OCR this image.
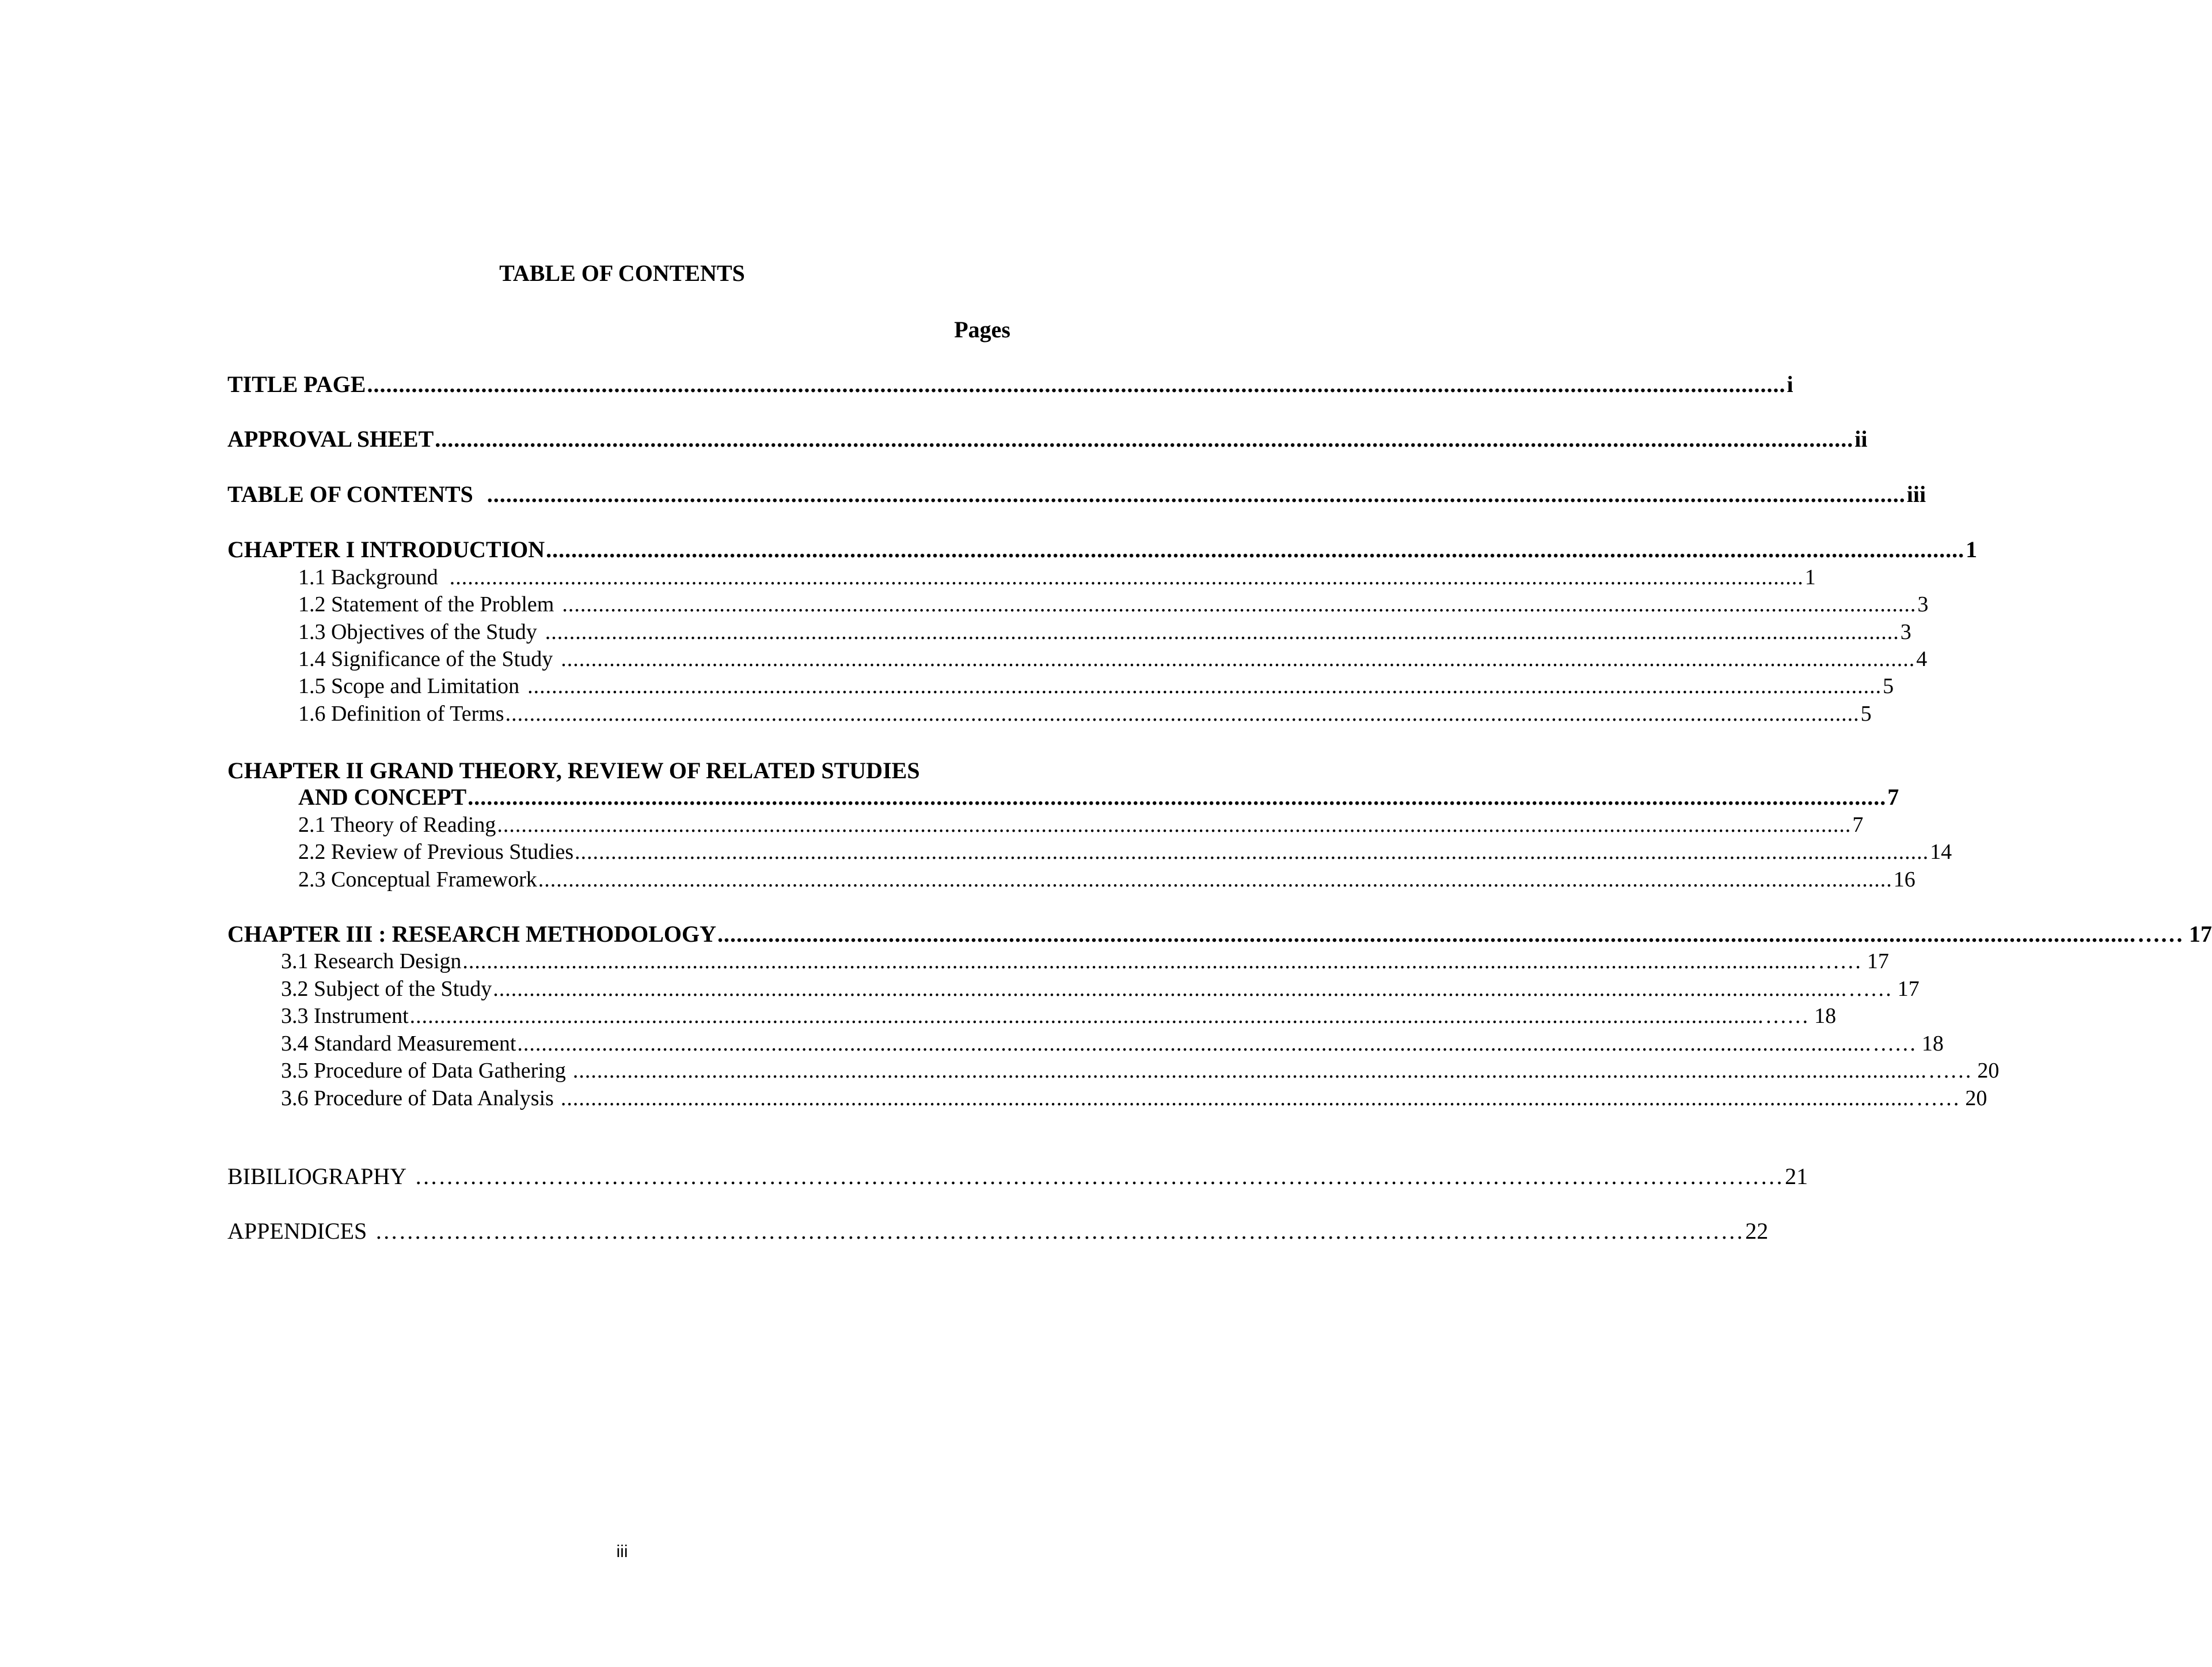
TABLE OF CONTENTS
Pages
TITLE PAGE ................................................................................................................................................................................................................................ i
APPROVAL SHEET ................................................................................................................................................................................................................................ ii
TABLE OF CONTENTS ................................................................................................................................................................................................................................ iii
CHAPTER I INTRODUCTION ................................................................................................................................................................................................................................ 1
1.1 Background ................................................................................................................................................................................................................................ 1
1.2 Statement of the Problem ................................................................................................................................................................................................................................ 3
1.3 Objectives of the Study ................................................................................................................................................................................................................................ 3
1.4 Significance of the Study ................................................................................................................................................................................................................................ 4
1.5 Scope and Limitation ................................................................................................................................................................................................................................ 5
1.6 Definition of Terms ................................................................................................................................................................................................................................ 5
CHAPTER II GRAND THEORY, REVIEW OF RELATED STUDIES
AND CONCEPT ................................................................................................................................................................................................................................ 7
2.1 Theory of Reading ................................................................................................................................................................................................................................ 7
2.2 Review of Previous Studies ................................................................................................................................................................................................................................ 14
2.3 Conceptual Framework ................................................................................................................................................................................................................................ 16
CHAPTER III : RESEARCH METHODOLOGY ................................................................................................................................................................................................................................ …… 17
3.1 Research Design ................................................................................................................................................................................................................................ …… 17
3.2 Subject of the Study ................................................................................................................................................................................................................................ …… 17
3.3 Instrument ................................................................................................................................................................................................................................ …… 18
3.4 Standard Measurement ................................................................................................................................................................................................................................ …… 18
3.5 Procedure of Data Gathering ................................................................................................................................................................................................................................ …… 20
3.6 Procedure of Data Analysis ................................................................................................................................................................................................................................ …… 20
BIBILIOGRAPHY ………………………………………………………………………………………………………………………………………………………… 21
APPENDICES ………………………………………………………………………………………………………………………………………………………… 22
iii
